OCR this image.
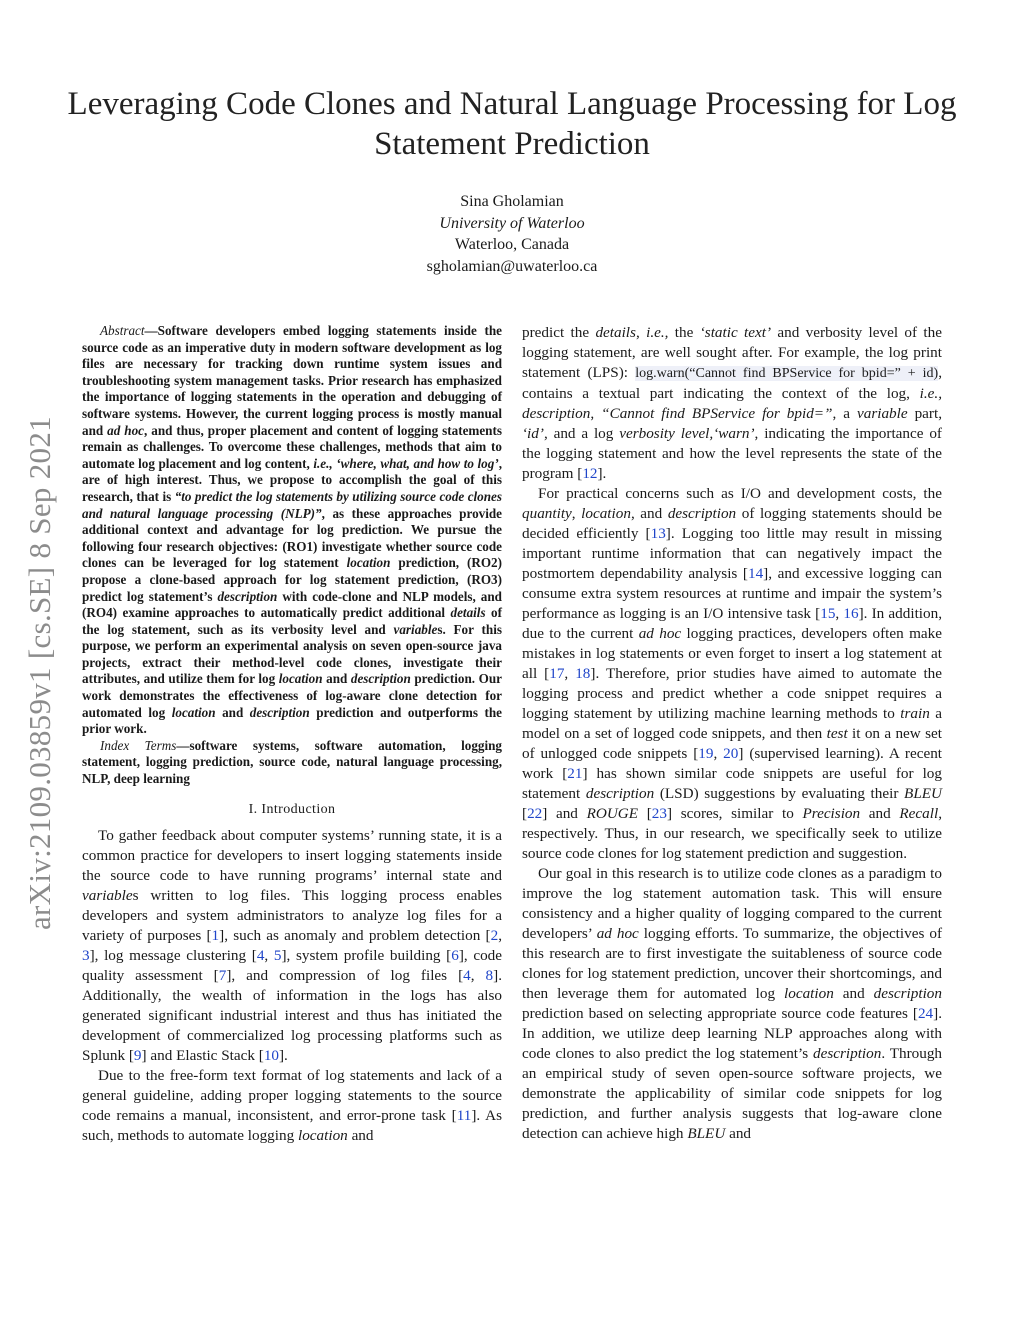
arXiv:2109.03859v1 [cs.SE] 8 Sep 2021
Leveraging Code Clones and Natural Language Processing for Log Statement Prediction
Sina Gholamian
University of Waterloo
Waterloo, Canada
sgholamian@uwaterloo.ca

Abstract—Software developers embed logging statements inside the source code as an imperative duty in modern software development as log files are necessary for tracking down runtime system issues and troubleshooting system management tasks. Prior research has emphasized the importance of logging statements in the operation and debugging of software systems. However, the current logging process is mostly manual and ad hoc, and thus, proper placement and content of logging statements remain as challenges. To overcome these challenges, methods that aim to automate log placement and log content, i.e., ‘where, what, and how to log’, are of high interest. Thus, we propose to accomplish the goal of this research, that is “to predict the log statements by utilizing source code clones and natural language processing (NLP)”, as these approaches provide additional context and advantage for log prediction. We pursue the following four research objectives: (RO1) investigate whether source code clones can be leveraged for log statement location prediction, (RO2) propose a clone-based approach for log statement prediction, (RO3) predict log statement’s description with code-clone and NLP models, and (RO4) examine approaches to automatically predict additional details of the log statement, such as its verbosity level and variables. For this purpose, we perform an experimental analysis on seven open-source java projects, extract their method-level code clones, investigate their attributes, and utilize them for log location and description prediction. Our work demonstrates the effectiveness of log-aware clone detection for automated log location and description prediction and outperforms the prior work.

Index Terms—software systems, software automation, logging statement, logging prediction, source code, natural language processing, NLP, deep learning

I. Introduction

To gather feedback about computer systems’ running state, it is a common practice for developers to insert logging statements inside the source code to have running programs’ internal state and variables written to log files. This logging process enables developers and system administrators to analyze log files for a variety of purposes [1], such as anomaly and problem detection [2, 3], log message clustering [4, 5], system profile building [6], code quality assessment [7], and compression of log files [4, 8]. Additionally, the wealth of information in the logs has also generated significant industrial interest and thus has initiated the development of commercialized log processing platforms such as Splunk [9] and Elastic Stack [10].

Due to the free-form text format of log statements and lack of a general guideline, adding proper logging statements to the source code remains a manual, inconsistent, and error-prone task [11]. As such, methods to automate logging location and

predict the details, i.e., the ‘static text’ and verbosity level of the logging statement, are well sought after. For example, the log print statement (LPS): log.warn(“Cannot find BPService for bpid=” + id), contains a textual part indicating the context of the log, i.e., description, “Cannot find BPService for bpid=”, a variable part, ‘id’, and a log verbosity level,‘warn’, indicating the importance of the logging statement and how the level represents the state of the program [12].

For practical concerns such as I/O and development costs, the quantity, location, and description of logging statements should be decided efficiently [13]. Logging too little may result in missing important runtime information that can negatively impact the postmortem dependability analysis [14], and excessive logging can consume extra system resources at runtime and impair the system’s performance as logging is an I/O intensive task [15, 16]. In addition, due to the current ad hoc logging practices, developers often make mistakes in log statements or even forget to insert a log statement at all [17, 18]. Therefore, prior studies have aimed to automate the logging process and predict whether a code snippet requires a logging statement by utilizing machine learning methods to train a model on a set of logged code snippets, and then test it on a new set of unlogged code snippets [19, 20] (supervised learning). A recent work [21] has shown similar code snippets are useful for log statement description (LSD) suggestions by evaluating their BLEU [22] and ROUGE [23] scores, similar to Precision and Recall, respectively. Thus, in our research, we specifically seek to utilize source code clones for log statement prediction and suggestion.

Our goal in this research is to utilize code clones as a paradigm to improve the log statement automation task. This will ensure consistency and a higher quality of logging compared to the current developers’ ad hoc logging efforts. To summarize, the objectives of this research are to first investigate the suitableness of source code clones for log statement prediction, uncover their shortcomings, and then leverage them for automated log location and description prediction based on selecting appropriate source code features [24]. In addition, we utilize deep learning NLP approaches along with code clones to also predict the log statement’s description. Through an empirical study of seven open-source software projects, we demonstrate the applicability of similar code snippets for log prediction, and further analysis suggests that log-aware clone detection can achieve high BLEU and
